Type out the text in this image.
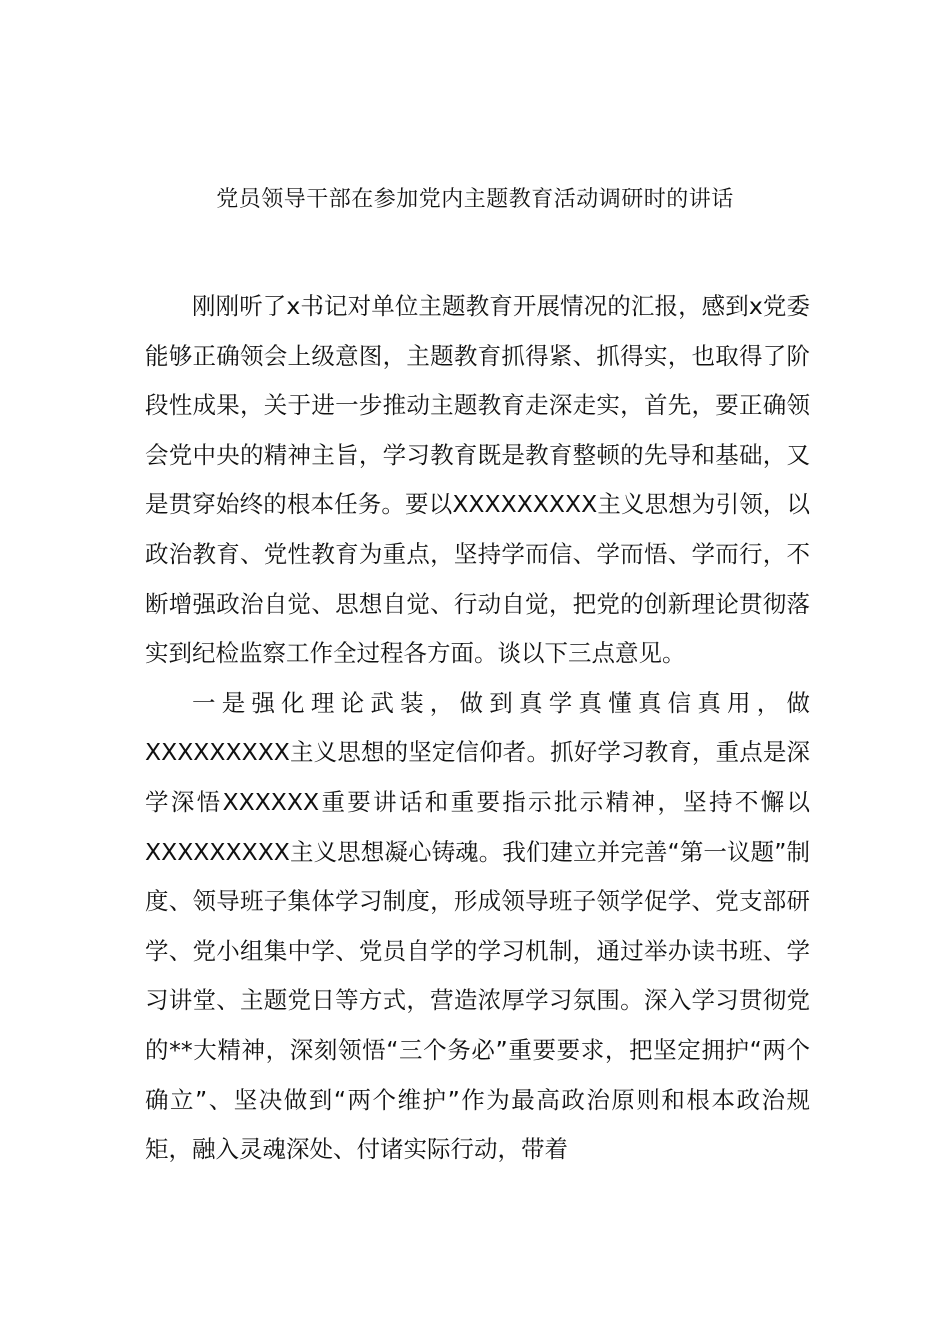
党员领导干部在参加党内主题教育活动调研时的讲话

刚刚听了x书记对单位主题教育开展情况的汇报，感到x党委能够正确领会上级意图，主题教育抓得紧、抓得实，也取得了阶段性成果，关于进一步推动主题教育走深走实，首先，要正确领会党中央的精神主旨，学习教育既是教育整顿的先导和基础，又是贯穿始终的根本任务。要以XXXXXXXXX主义思想为引领，以政治教育、党性教育为重点，坚持学而信、学而悟、学而行，不断增强政治自觉、思想自觉、行动自觉，把党的创新理论贯彻落实到纪检监察工作全过程各方面。谈以下三点意见。

一是强化理论武装，做到真学真懂真信真用，做XXXXXXXXX主义思想的坚定信仰者。抓好学习教育，重点是深学深悟XXXXXX重要讲话和重要指示批示精神，坚持不懈以XXXXXXXXX主义思想凝心铸魂。我们建立并完善“第一议题”制度、领导班子集体学习制度，形成领导班子领学促学、党支部研学、党小组集中学、党员自学的学习机制，通过举办读书班、学习讲堂、主题党日等方式，营造浓厚学习氛围。深入学习贯彻党的**大精神，深刻领悟“三个务必”重要要求，把坚定拥护“两个确立”、坚决做到“两个维护”作为最高政治原则和根本政治规矩，融入灵魂深处、付诸实际行动，带着
